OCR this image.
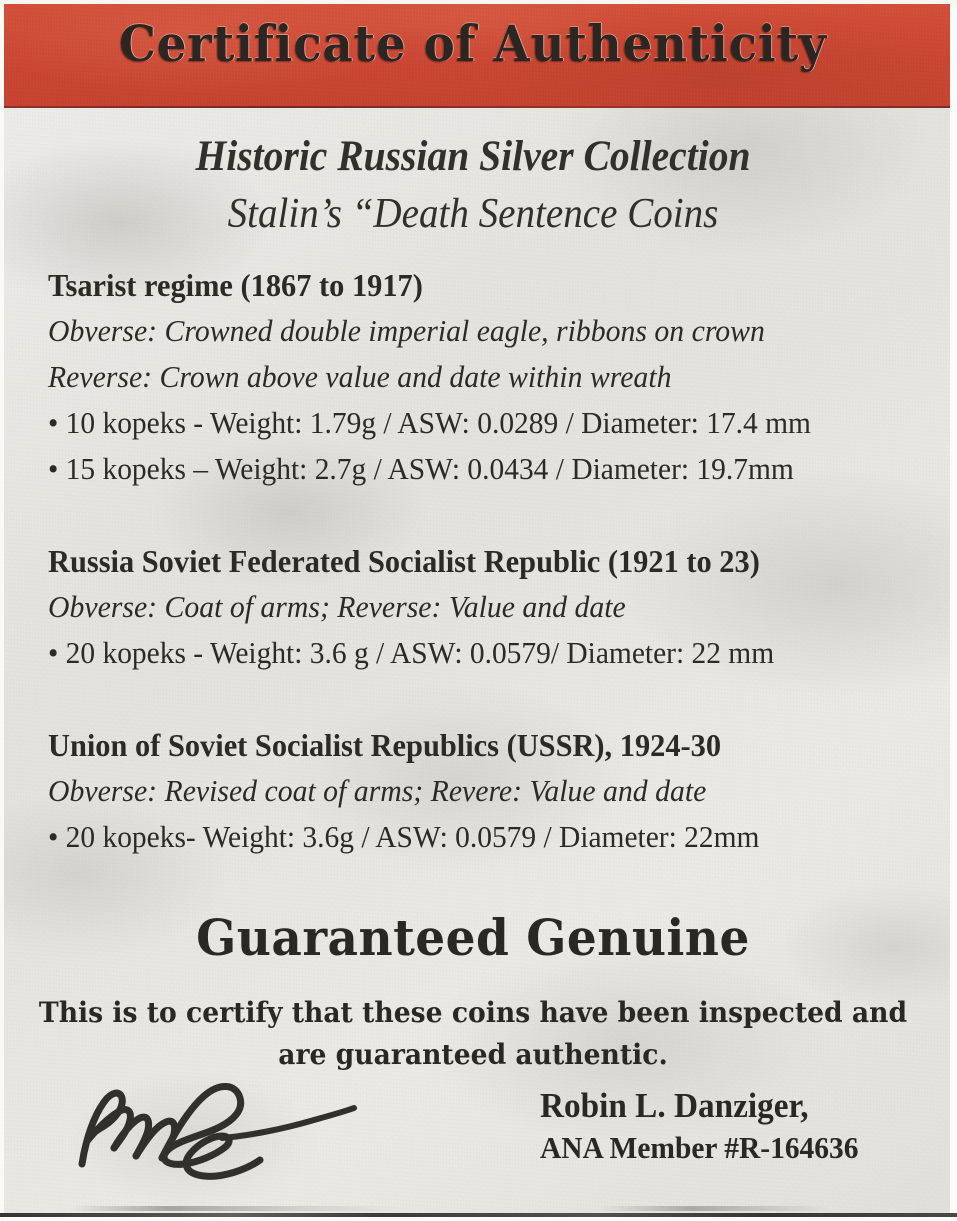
Certificate of Authenticity
Historic Russian Silver Collection
Stalin’s “Death Sentence Coins
Tsarist regime (1867 to 1917)
Obverse: Crowned double imperial eagle, ribbons on crown
Reverse: Crown above value and date within wreath
• 10 kopeks - Weight: 1.79g / ASW: 0.0289 / Diameter: 17.4 mm
• 15 kopeks – Weight: 2.7g / ASW: 0.0434 / Diameter: 19.7mm
Russia Soviet Federated Socialist Republic (1921 to 23)
Obverse: Coat of arms; Reverse: Value and date
• 20 kopeks - Weight: 3.6 g / ASW: 0.0579/ Diameter: 22 mm
Union of Soviet Socialist Republics (USSR), 1924-30
Obverse: Revised coat of arms; Revere: Value and date
• 20 kopeks- Weight: 3.6g / ASW: 0.0579 / Diameter: 22mm
Guaranteed Genuine
This is to certify that these coins have been inspected and
are guaranteed authentic.
Robin L. Danziger,
ANA Member #R-164636
